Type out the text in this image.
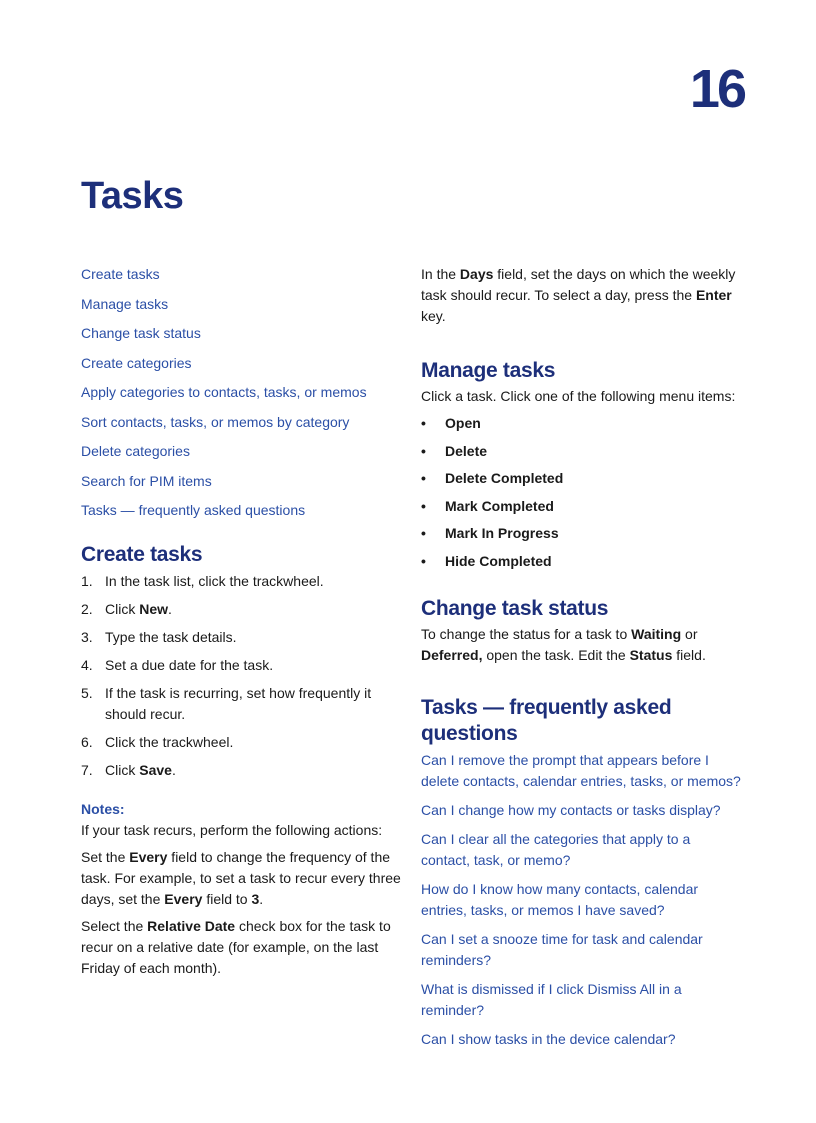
16
Tasks
Create tasks
Manage tasks
Change task status
Create categories
Apply categories to contacts, tasks, or memos
Sort contacts, tasks, or memos by category
Delete categories
Search for PIM items
Tasks — frequently asked questions
Create tasks
1. In the task list, click the trackwheel.
2. Click New.
3. Type the task details.
4. Set a due date for the task.
5. If the task is recurring, set how frequently it should recur.
6. Click the trackwheel.
7. Click Save.
Notes:

If your task recurs, perform the following actions:

Set the Every field to change the frequency of the task. For example, to set a task to recur every three days, set the Every field to 3.

Select the Relative Date check box for the task to recur on a relative date (for example, on the last Friday of each month).

In the Days field, set the days on which the weekly task should recur. To select a day, press the Enter key.

Manage tasks

Click a task. Click one of the following menu items:

• Open
• Delete
• Delete Completed
• Mark Completed
• Mark In Progress
• Hide Completed
Change task status

To change the status for a task to Waiting or Deferred, open the task. Edit the Status field.

Tasks — frequently asked questions
Can I remove the prompt that appears before I delete contacts, calendar entries, tasks, or memos?
Can I change how my contacts or tasks display?
Can I clear all the categories that apply to a contact, task, or memo?
How do I know how many contacts, calendar entries, tasks, or memos I have saved?
Can I set a snooze time for task and calendar reminders?
What is dismissed if I click Dismiss All in a reminder?
Can I show tasks in the device calendar?
